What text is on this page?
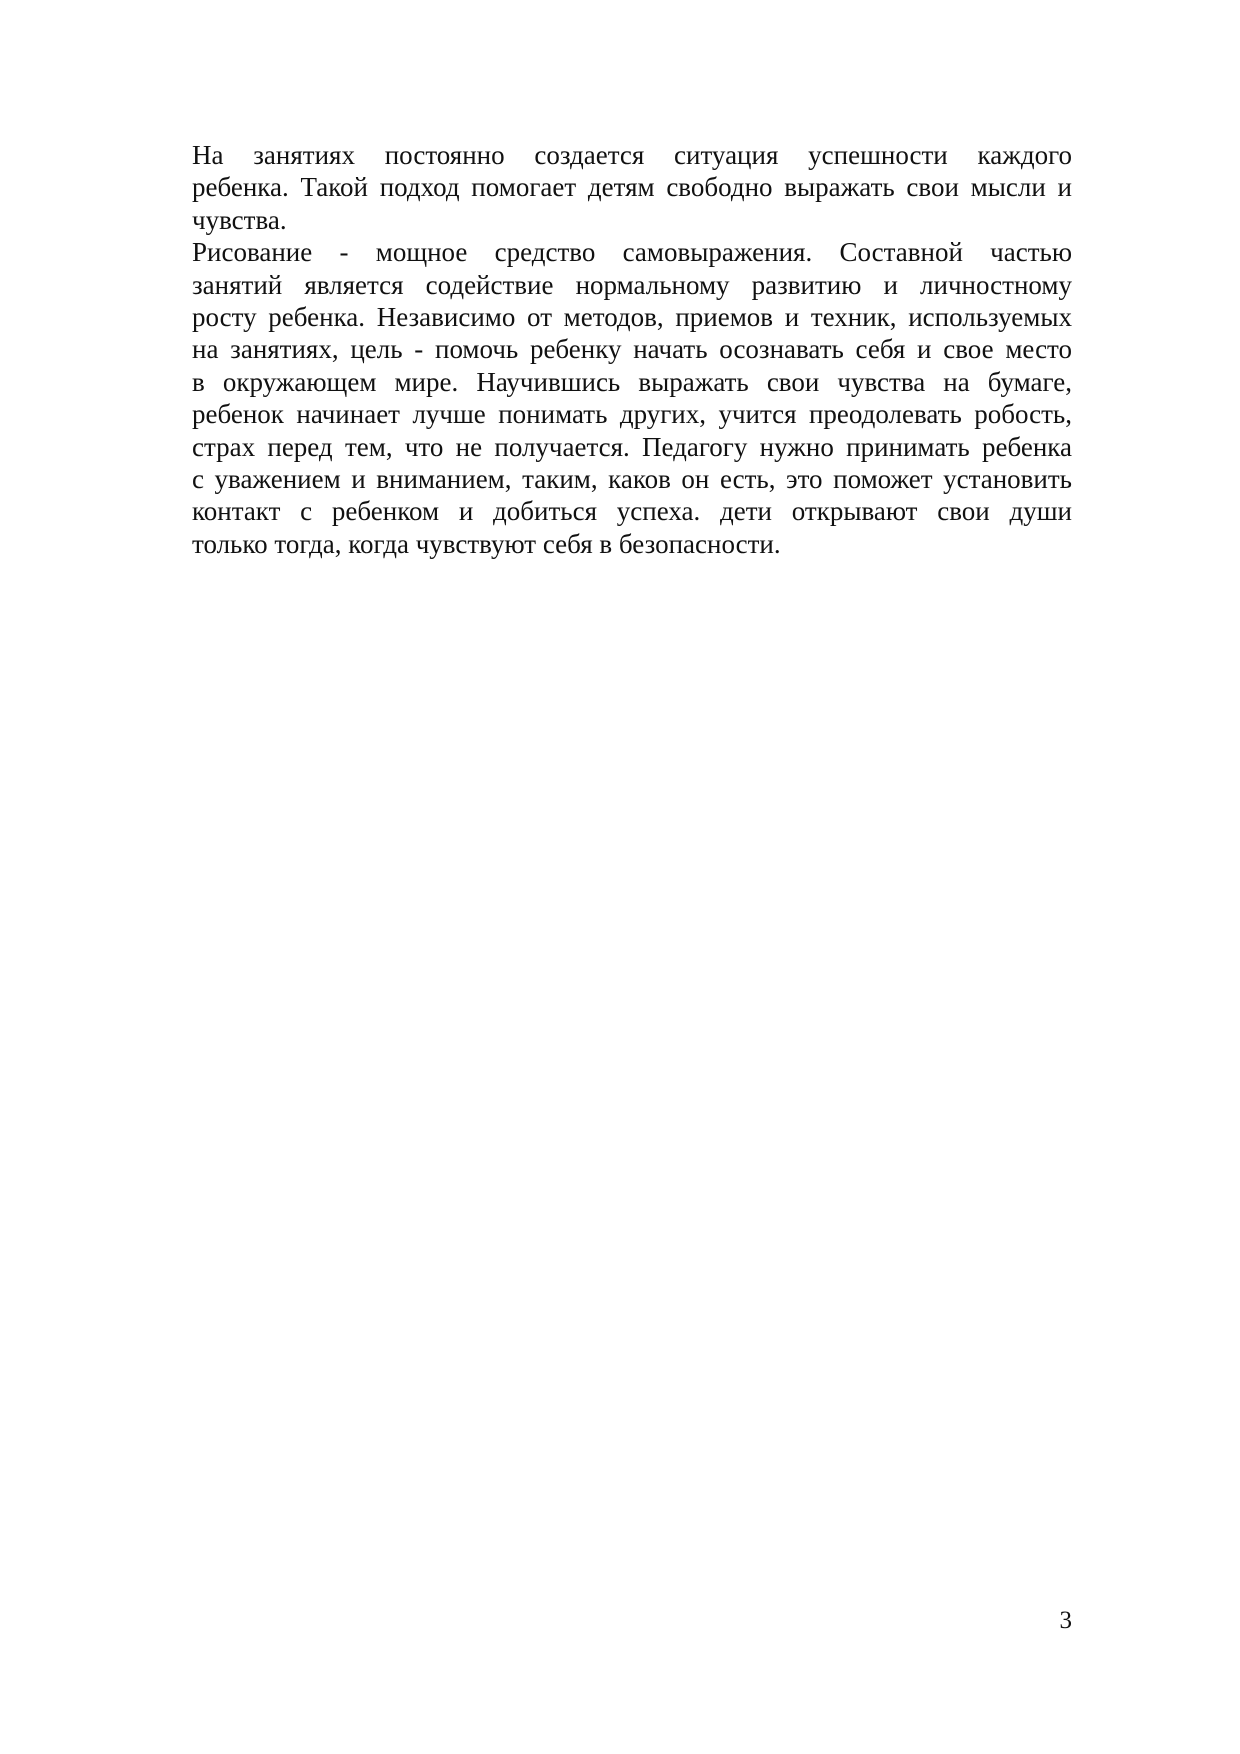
На занятиях постоянно создается ситуация успешности каждого
ребенка. Такой подход помогает детям свободно выражать свои мысли и
чувства.

Рисование - мощное средство самовыражения. Составной частью
занятий является содействие нормальному развитию и личностному
росту ребенка. Независимо от методов, приемов и техник, используемых
на занятиях, цель - помочь ребенку начать осознавать себя и свое место
в окружающем мире. Научившись выражать свои чувства на бумаге,
ребенок начинает лучше понимать других, учится преодолевать робость,
страх перед тем, что не получается. Педагогу нужно принимать ребенка
с уважением и вниманием, таким, каков он есть, это поможет установить
контакт с ребенком и добиться успеха. дети открывают свои души
только тогда, когда чувствуют себя в безопасности.

3
